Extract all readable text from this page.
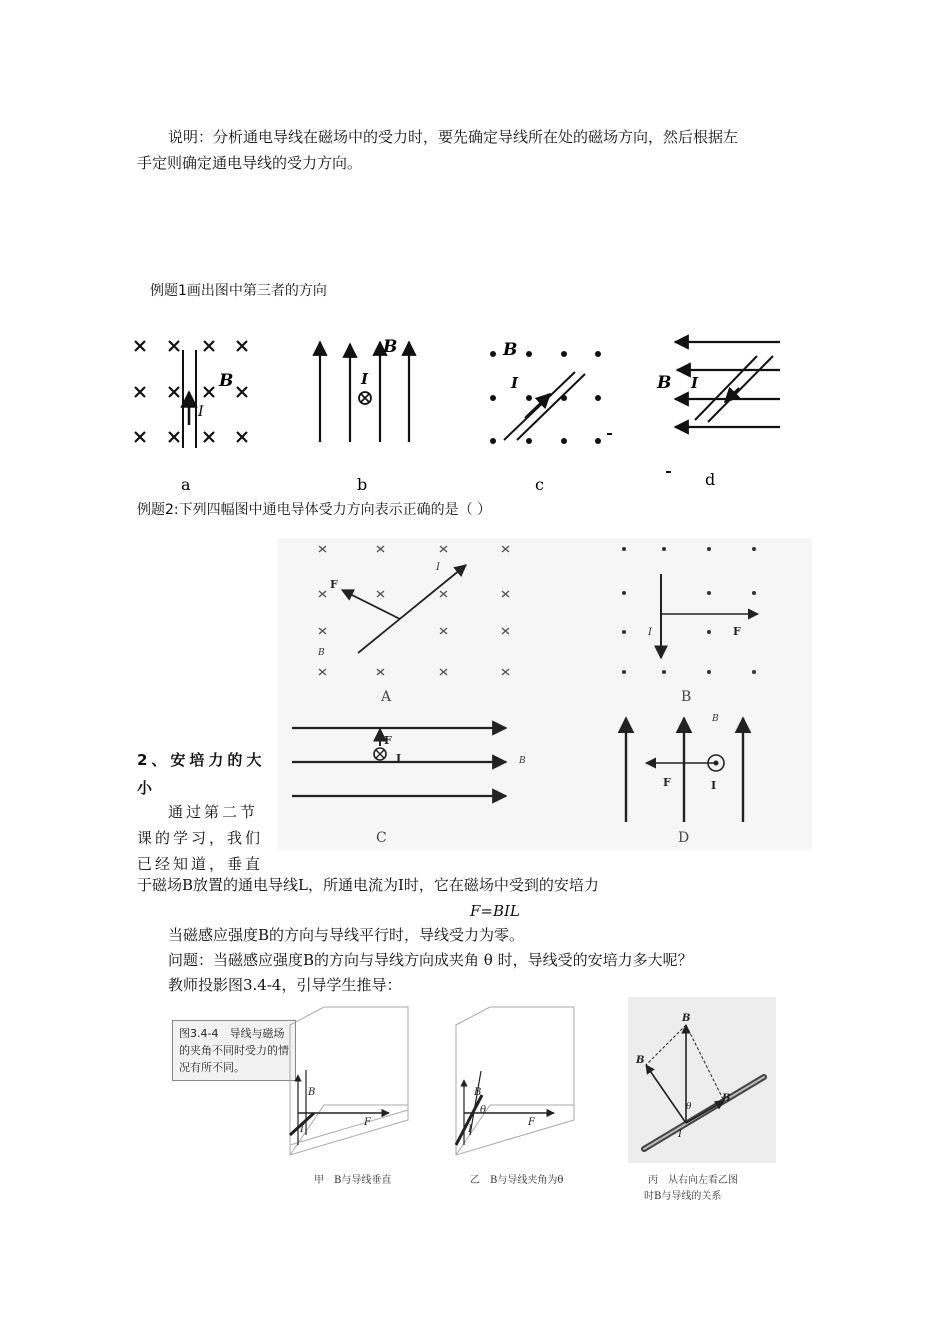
说明：分析通电导线在磁场中的受力时，要先确定导线所在处的磁场方向，然后根据左
手定则确定通电导线的受力方向。
例题1画出图中第三者的方向
B
I
a
B
I
b
B
I
c
B I
d
例题2:下列四幅图中通电导体受力方向表示正确的是（ ）
F
I
B
A
I	F
B
F
I	B
C
B
F	I
D
2、安培力的大小
通过第二节
课的学习，我们
已经知道，垂直
于磁场B放置的通电导线L，所通电流为I时，它在磁场中受到的安培力
F=BIL
当磁感应强度B的方向与导线平行时，导线受力为零。
问题：当磁感应强度B的方向与导线方向成夹角 θ 时，导线受的安培力多大呢？
教师投影图3.4-4，引导学生推导：
图3.4-4　导线与磁场的夹角不同时受力的情况有所不同。
B
I
F
甲　B与导线垂直
B
θ
I
F
乙　B与导线夹角为θ
B
B
B
θ
I
丙　从右向左看乙图
时B与导线的关系
